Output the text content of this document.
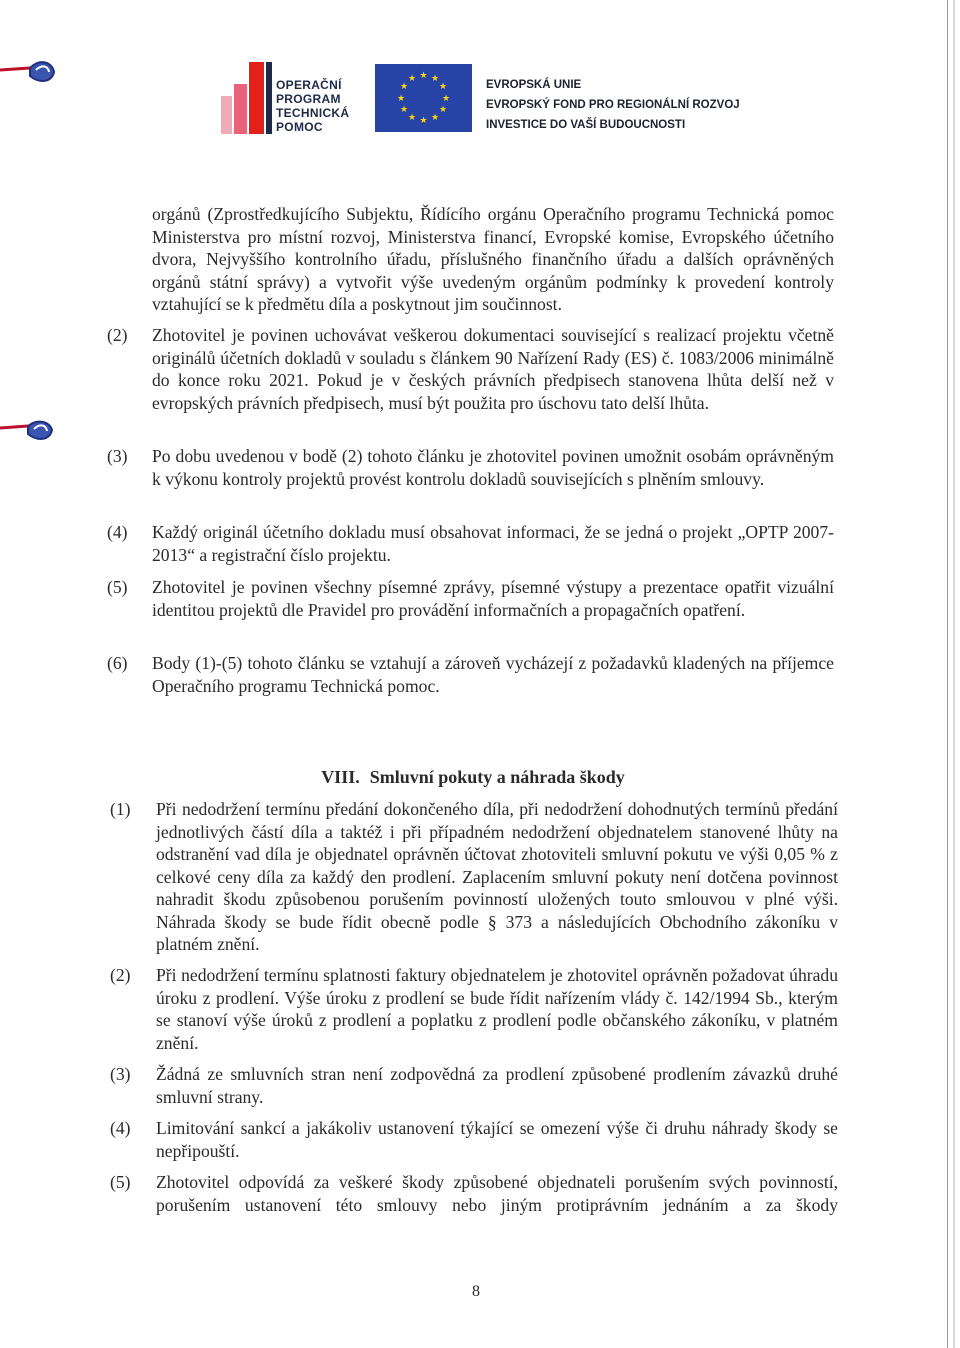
OPERAČNÍ
PROGRAM
TECHNICKÁ
POMOC
★ ★
★
★
★
★
★
★
★
★
★
★	EVROPSKÁ UNIE
EVROPSKÝ FOND PRO REGIONÁLNÍ ROZVOJ
INVESTICE DO VAŠÍ BUDOUCNOSTI
orgánů (Zprostředkujícího Subjektu, Řídícího orgánu Operačního programu Technická pomoc Ministerstva pro místní rozvoj, Ministerstva financí, Evropské komise, Evropského účetního dvora, Nejvyššího kontrolního úřadu, příslušného finančního úřadu a dalších oprávněných orgánů státní správy) a vytvořit výše uvedeným orgánům podmínky k provedení kontroly vztahující se k předmětu díla a poskytnout jim součinnost.
(2) Zhotovitel je povinen uchovávat veškerou dokumentaci související s realizací projektu včetně originálů účetních dokladů v souladu s článkem 90 Nařízení Rady (ES) č. 1083/2006 minimálně do konce roku 2021. Pokud je v českých právních předpisech stanovena lhůta delší než v evropských právních předpisech, musí být použita pro úschovu tato delší lhůta.
(3) Po dobu uvedenou v bodě (2) tohoto článku je zhotovitel povinen umožnit osobám oprávněným k výkonu kontroly projektů provést kontrolu dokladů souvisejících s plněním smlouvy.
(4) Každý originál účetního dokladu musí obsahovat informaci, že se jedná o projekt „OPTP 2007-2013“ a registrační číslo projektu.
(5) Zhotovitel je povinen všechny písemné zprávy, písemné výstupy a prezentace opatřit vizuální identitou projektů dle Pravidel pro provádění informačních a propagačních opatření.
(6) Body (1)-(5) tohoto článku se vztahují a zároveň vycházejí z požadavků kladených na příjemce Operačního programu Technická pomoc.
VIII. Smluvní pokuty a náhrada škody
(1) Při nedodržení termínu předání dokončeného díla, při nedodržení dohodnutých termínů předání jednotlivých částí díla a taktéž i při případném nedodržení objednatelem stanovené lhůty na odstranění vad díla je objednatel oprávněn účtovat zhotoviteli smluvní pokutu ve výši 0,05 % z celkové ceny díla za každý den prodlení. Zaplacením smluvní pokuty není dotčena povinnost nahradit škodu způsobenou porušením povinností uložených touto smlouvou v plné výši. Náhrada škody se bude řídit obecně podle § 373 a následujících Obchodního zákoníku v platném znění.
(2) Při nedodržení termínu splatnosti faktury objednatelem je zhotovitel oprávněn požadovat úhradu úroku z prodlení. Výše úroku z prodlení se bude řídit nařízením vlády č. 142/1994 Sb., kterým se stanoví výše úroků z prodlení a poplatku z prodlení podle občanského zákoníku, v platném znění.
(3) Žádná ze smluvních stran není zodpovědná za prodlení způsobené prodlením závazků druhé smluvní strany.
(4) Limitování sankcí a jakákoliv ustanovení týkající se omezení výše či druhu náhrady škody se nepřipouští.
(5) Zhotovitel odpovídá za veškeré škody způsobené objednateli porušením svých povinností, porušením ustanovení této smlouvy nebo jiným protiprávním jednáním a za škody
8
